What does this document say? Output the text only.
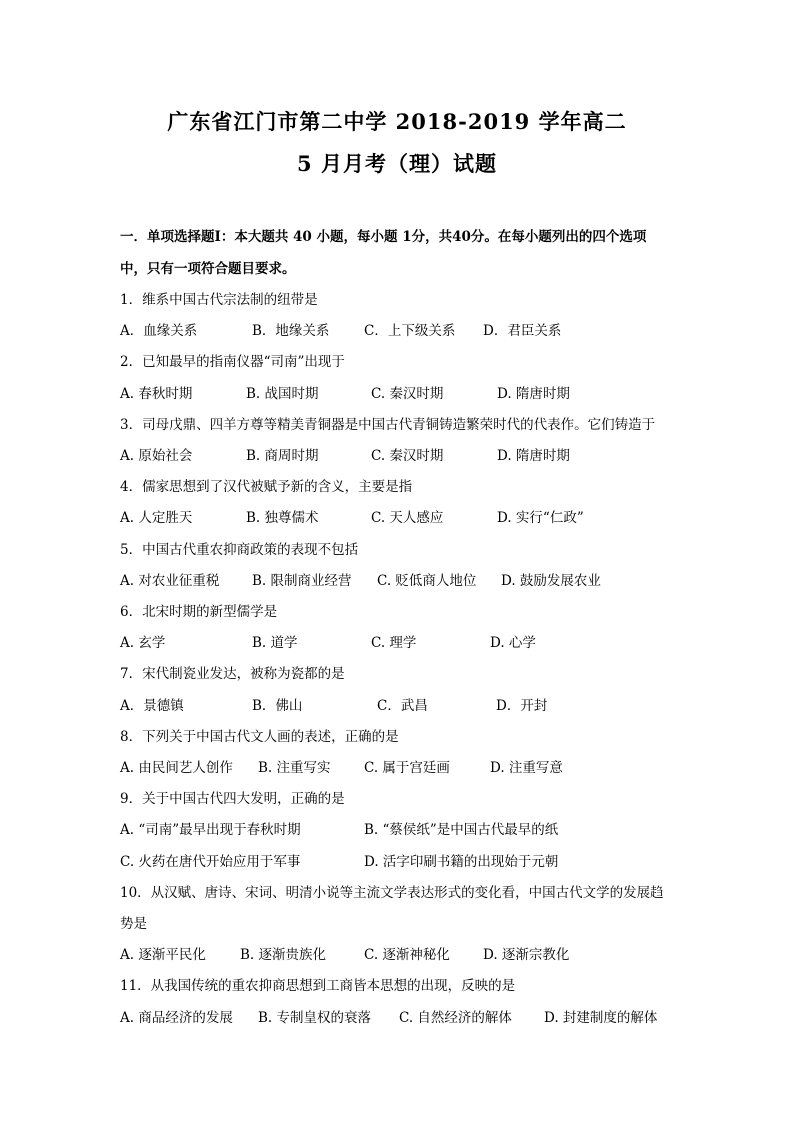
广东省江门市第二中学 2018-2019 学年高二
5 月月考（理）试题
一．单项选择题Ⅰ：本大题共 40 小题，每小题 1分，共40分。在每小题列出的四个选项
中，只有一项符合题目要求。
1．维系中国古代宗法制的纽带是
A．血缘关系	B．地缘关系	C．上下级关系 D．君臣关系
2．已知最早的指南仪器“司南”出现于
A. 春秋时期	B. 战国时期	C. 秦汉时期	D. 隋唐时期
3．司母戊鼎、四羊方尊等精美青铜器是中国古代青铜铸造繁荣时代的代表作。它们铸造于
A. 原始社会	B. 商周时期	C. 秦汉时期	D. 隋唐时期
4．儒家思想到了汉代被赋予新的含义，主要是指
A. 人定胜天	B. 独尊儒术	C. 天人感应	D. 实行“仁政”
5．中国古代重农抑商政策的表现不包括
A. 对农业征重税 B. 限制商业经营 C. 贬低商人地位 D. 鼓励发展农业
6．北宋时期的新型儒学是
A. 玄学	B. 道学	C. 理学	D. 心学
7．宋代制瓷业发达，被称为瓷都的是
A．景德镇	B．佛山	C．武昌	D．开封
8．下列关于中国古代文人画的表述，正确的是
A. 由民间艺人创作 B. 注重写实 C. 属于宫廷画	D. 注重写意
9．关于中国古代四大发明，正确的是
A. “司南”最早出现于春秋时期	B. “蔡侯纸”是中国古代最早的纸
C. 火药在唐代开始应用于军事	D. 活字印刷书籍的出现始于元朝
10．从汉赋、唐诗、宋词、明清小说等主流文学表达形式的变化看，中国古代文学的发展趋
势是
A. 逐渐平民化	B. 逐渐贵族化	C. 逐渐神秘化 D. 逐渐宗教化
11．从我国传统的重农抑商思想到工商皆本思想的出现，反映的是
A. 商品经济的发展 B. 专制皇权的衰落 C. 自然经济的解体 D. 封建制度的解体
